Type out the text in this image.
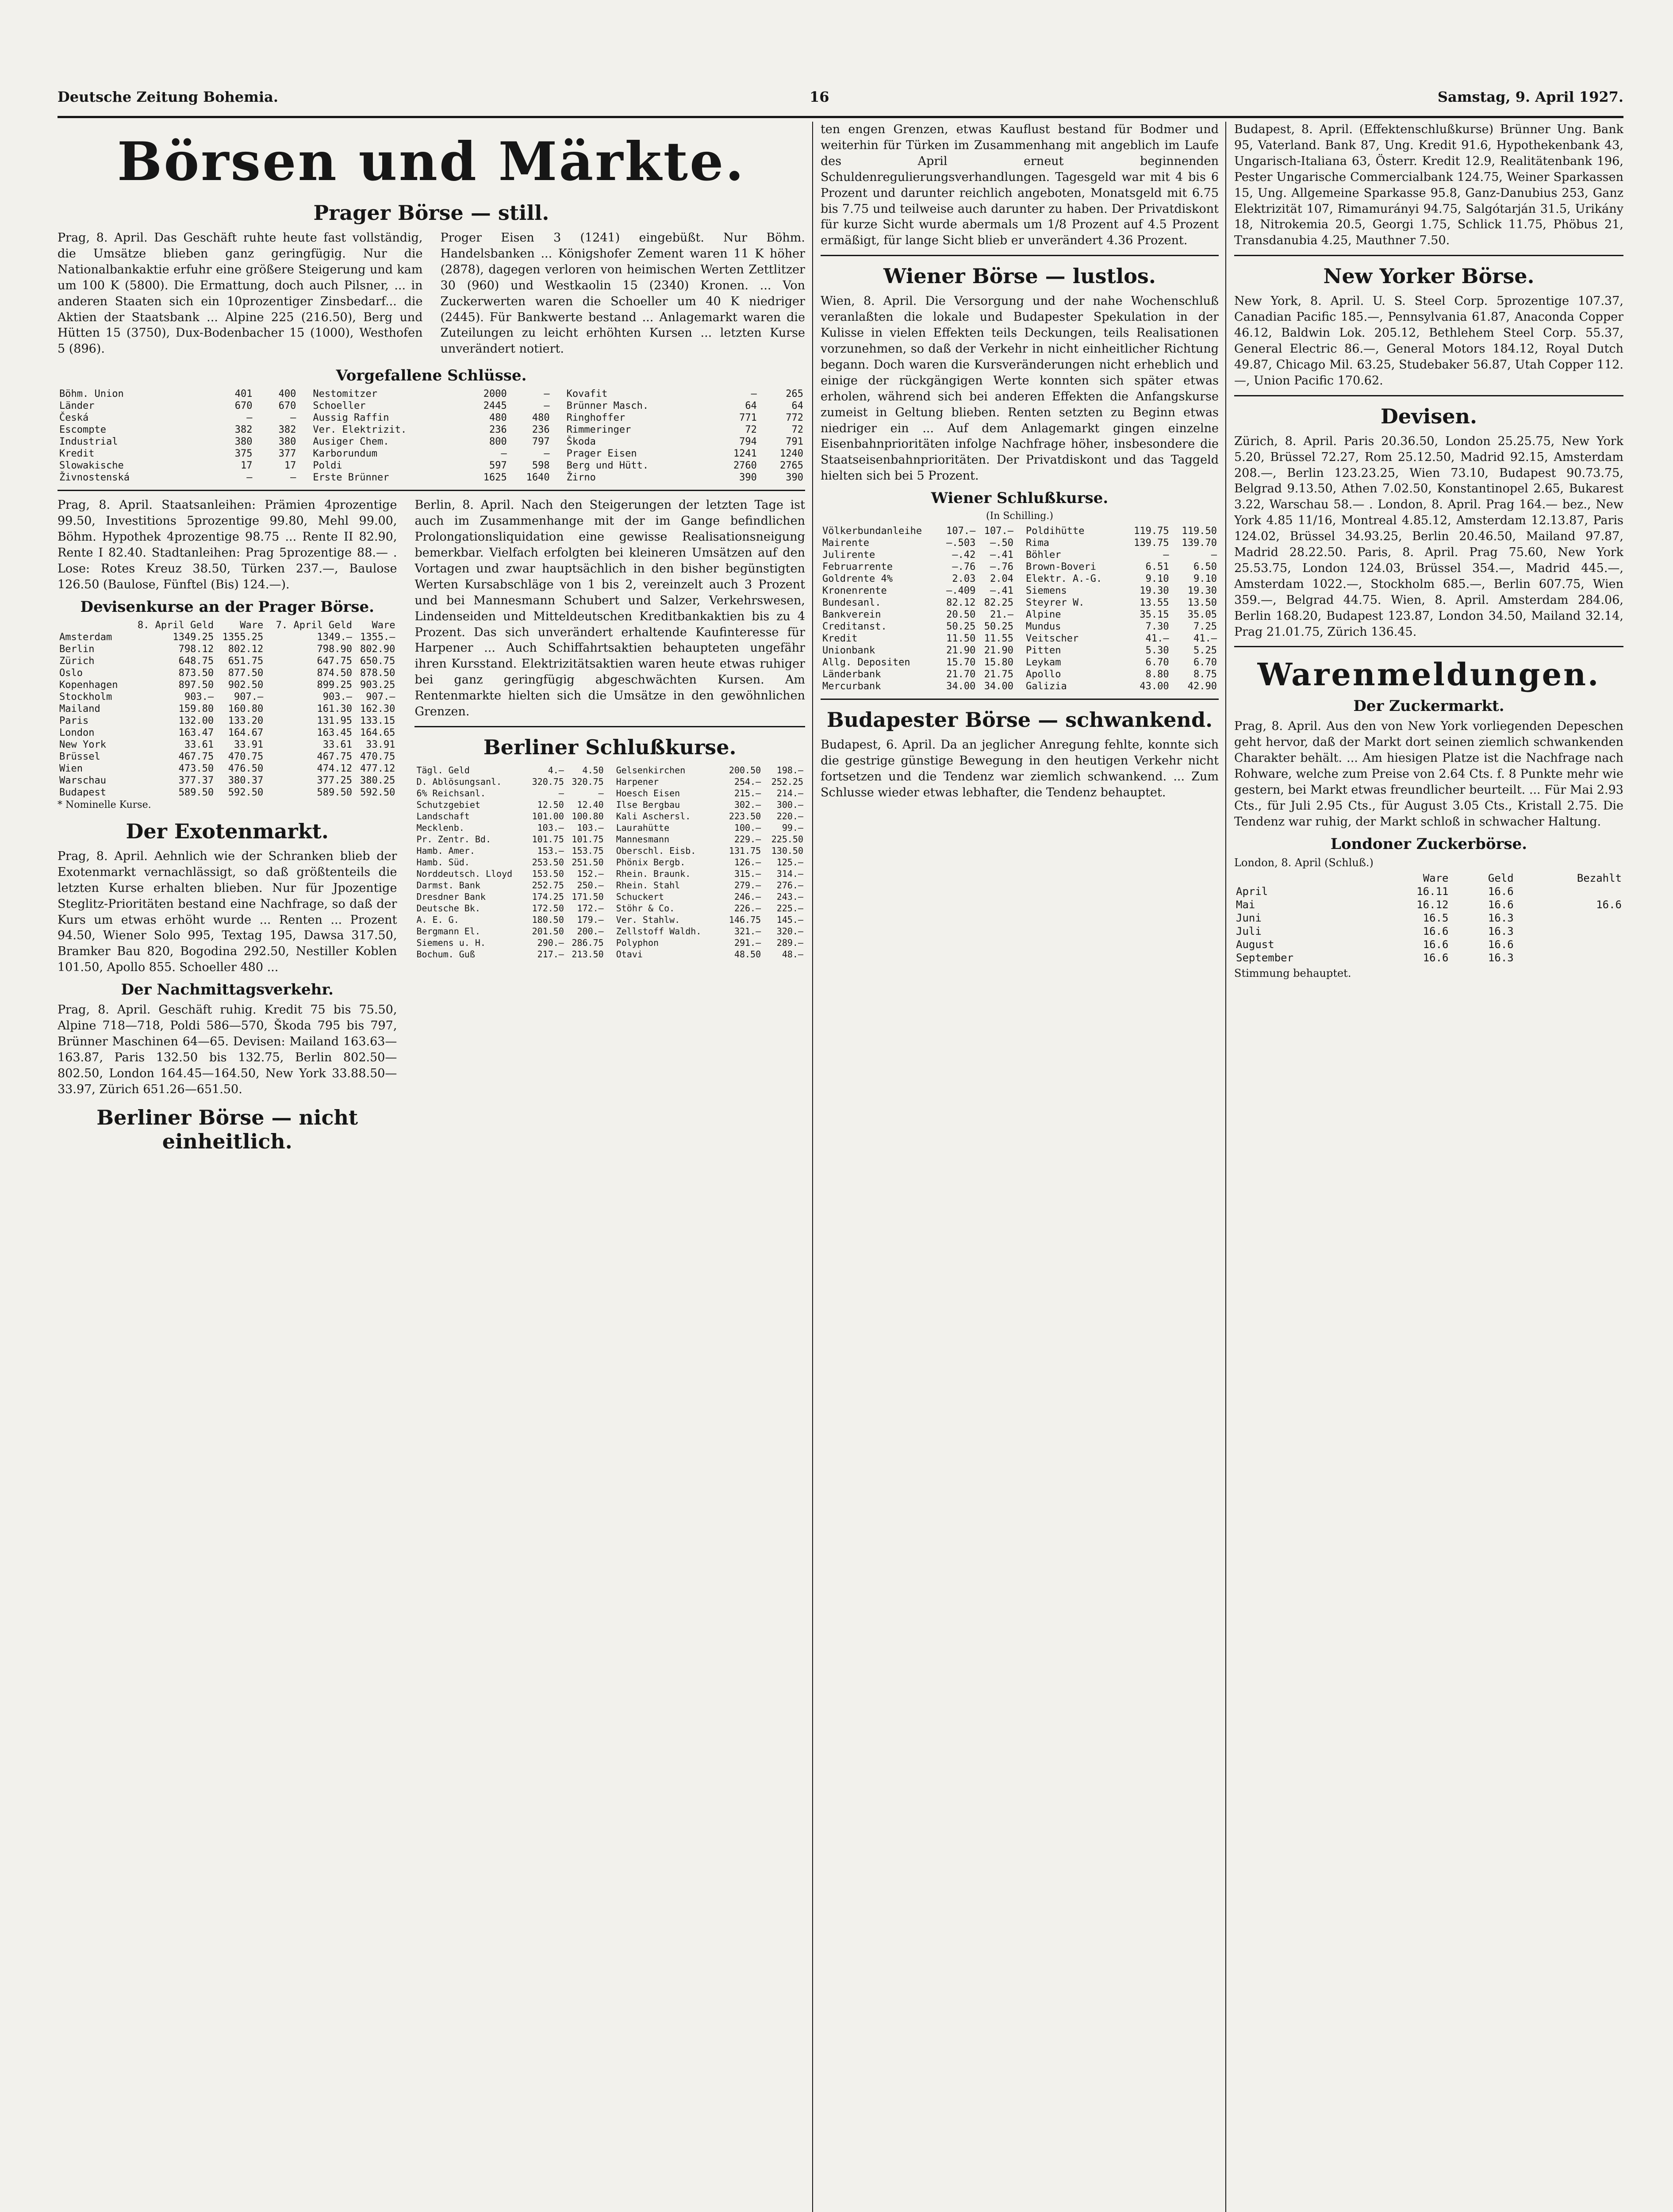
Deutsche Zeitung Bohemia.	16	Samstag, 9. April 1927.
Börsen und Märkte.
Prager Börse — still.

Prag, 8. April. Das Geschäft ruhte heute fast vollständig, die Umsätze blieben ganz geringfügig. Nur die Nationalbankaktie erfuhr eine größere Steigerung und kam um 100 K (5800). Die Ermattung, doch auch Pilsner, ... in anderen Staaten sich ein 10prozentiger Zinsbedarf... die Aktien der Staatsbank ... Alpine 225 (216.50), Berg und Hütten 15 (3750), Dux-Bodenbacher 15 (1000), Westhofen 5 (896).

Proger Eisen 3 (1241) eingebüßt. Nur Böhm. Handelsbanken ... Königshofer Zement waren 11 K höher (2878), dagegen verloren von heimischen Werten Zettlitzer 30 (960) und Westkaolin 15 (2340) Kronen. ... Von Zuckerwerten waren die Schoeller um 40 K niedriger (2445). Für Bankwerte bestand ... Anlagemarkt waren die Zuteilungen zu leicht erhöhten Kursen ... letzten Kurse unverändert notiert.

Vorgefallene Schlüsse.
Böhm. Union	401	400
Länder	670	670
Česká	—	—
Escompte	382	382
Industrial	380	380
Kredit	375	377
Slowakische	17	17
Živnostenská	—	—
Nestomitzer	2000	—
Schoeller	2445	—
Aussig Raffin	480	480
Ver. Elektrizit.	236	236
Ausiger Chem.	800	797
Karborundum	—	—
Poldi	597	598
Erste Brünner	1625	1640
Kovafit	—	265
Brünner Masch.	64	64
Ringhoffer	771	772
Rimmeringer	72	72
Škoda	794	791
Prager Eisen	1241	1240
Berg und Hütt.	2760	2765
Žirno	390	390

Prag, 8. April. Staatsanleihen: Prämien 4prozentige 99.50, Investitions 5prozentige 99.80, Mehl 99.00, Böhm. Hypothek 4prozentige 98.75 ... Rente II 82.90, Rente I 82.40. Stadtanleihen: Prag 5prozentige 88.— . Lose: Rotes Kreuz 38.50, Türken 237.—, Baulose 126.50 (Baulose, Fünftel (Bis) 124.—).

Devisenkurse an der Prager Börse.
	8. April Geld	Ware	7. April Geld	Ware
Amsterdam	1349.25	1355.25	1349.—	1355.—
Berlin	798.12	802.12	798.90	802.90
Zürich	648.75	651.75	647.75	650.75
Oslo	873.50	877.50	874.50	878.50
Kopenhagen	897.50	902.50	899.25	903.25
Stockholm	903.—	907.—	903.—	907.—
Mailand	159.80	160.80	161.30	162.30
Paris	132.00	133.20	131.95	133.15
London	163.47	164.67	163.45	164.65
New York	33.61	33.91	33.61	33.91
Brüssel	467.75	470.75	467.75	470.75
Wien	473.50	476.50	474.12	477.12
Warschau	377.37	380.37	377.25	380.25
Budapest	589.50	592.50	589.50	592.50

* Nominelle Kurse.

Der Exotenmarkt.

Prag, 8. April. Aehnlich wie der Schranken blieb der Exotenmarkt vernachlässigt, so daß größtenteils die letzten Kurse erhalten blieben. Nur für Jpozentige Steglitz-Prioritäten bestand eine Nachfrage, so daß der Kurs um etwas erhöht wurde ... Renten ... Prozent 94.50, Wiener Solo 995, Textag 195, Dawsa 317.50, Bramker Bau 820, Bogodina 292.50, Nestiller Koblen 101.50, Apollo 855. Schoeller 480 ...

Der Nachmittagsverkehr.

Prag, 8. April. Geschäft ruhig. Kredit 75 bis 75.50, Alpine 718—718, Poldi 586—570, Škoda 795 bis 797, Brünner Maschinen 64—65. Devisen: Mailand 163.63—163.87, Paris 132.50 bis 132.75, Berlin 802.50—802.50, London 164.45—164.50, New York 33.88.50—33.97, Zürich 651.26—651.50.

Berliner Börse — nicht einheitlich.

Berlin, 8. April. Nach den Steigerungen der letzten Tage ist auch im Zusammenhange mit der im Gange befindlichen Prolongationsliquidation eine gewisse Realisationsneigung bemerkbar. Vielfach erfolgten bei kleineren Umsätzen auf den Vortagen und zwar hauptsächlich in den bisher begünstigten Werten Kursabschläge von 1 bis 2, vereinzelt auch 3 Prozent und bei Mannesmann Schubert und Salzer, Verkehrswesen, Lindenseiden und Mitteldeutschen Kreditbankaktien bis zu 4 Prozent. Das sich unverändert erhaltende Kaufinteresse für Harpener ... Auch Schiffahrtsaktien behaupteten ungefähr ihren Kursstand. Elektrizitätsaktien waren heute etwas ruhiger bei ganz geringfügig abgeschwächten Kursen. Am Rentenmarkte hielten sich die Umsätze in den gewöhnlichen Grenzen.

Berliner Schlußkurse.
Tägl. Geld	4.—	4.50
D. Ablösungsanl.	320.75	320.75
6% Reichsanl.	—	—
Schutzgebiet	12.50	12.40
Landschaft	101.00	100.80
Mecklenb.	103.—	103.—
Pr. Zentr. Bd.	101.75	101.75
Hamb. Amer.	153.—	153.75
Hamb. Süd.	253.50	251.50
Norddeutsch. Lloyd	153.50	152.—
Darmst. Bank	252.75	250.—
Dresdner Bank	174.25	171.50
Deutsche Bk.	172.50	172.—
A. E. G.	180.50	179.—
Bergmann El.	201.50	200.—
Siemens u. H.	290.—	286.75
Bochum. Guß	217.—	213.50
Gelsenkirchen	200.50	198.—
Harpener	254.—	252.25
Hoesch Eisen	215.—	214.—
Ilse Bergbau	302.—	300.—
Kali Aschersl.	223.50	220.—
Laurahütte	100.—	99.—
Mannesmann	229.—	225.50
Oberschl. Eisb.	131.75	130.50
Phönix Bergb.	126.—	125.—
Rhein. Braunk.	315.—	314.—
Rhein. Stahl	279.—	276.—
Schuckert	246.—	243.—
Stöhr & Co.	226.—	225.—
Ver. Stahlw.	146.75	145.—
Zellstoff Waldh.	321.—	320.—
Polyphon	291.—	289.—
Otavi	48.50	48.—

ten engen Grenzen, etwas Kauflust bestand für Bodmer und weiterhin für Türken im Zusammenhang mit angeblich im Laufe des April erneut beginnenden Schuldenregulierungsverhandlungen. Tagesgeld war mit 4 bis 6 Prozent und darunter reichlich angeboten, Monatsgeld mit 6.75 bis 7.75 und teilweise auch darunter zu haben. Der Privatdiskont für kurze Sicht wurde abermals um 1/8 Prozent auf 4.5 Prozent ermäßigt, für lange Sicht blieb er unverändert 4.36 Prozent.

Wiener Börse — lustlos.

Wien, 8. April. Die Versorgung und der nahe Wochenschluß veranlaßten die lokale und Budapester Spekulation in der Kulisse in vielen Effekten teils Deckungen, teils Realisationen vorzunehmen, so daß der Verkehr in nicht einheitlicher Richtung begann. Doch waren die Kursveränderungen nicht erheblich und einige der rückgängigen Werte konnten sich später etwas erholen, während sich bei anderen Effekten die Anfangskurse zumeist in Geltung blieben. Renten setzten zu Beginn etwas niedriger ein ... Auf dem Anlagemarkt gingen einzelne Eisenbahnprioritäten infolge Nachfrage höher, insbesondere die Staatseisenbahnprioritäten. Der Privatdiskont und das Taggeld hielten sich bei 5 Prozent.

Wiener Schlußkurse.
(In Schilling.)
Völkerbundanleihe	107.—	107.—
Mairente	—.503	—.50
Julirente	—.42	—.41
Februarrente	—.76	—.76
Goldrente 4%	2.03	2.04
Kronenrente	—.409	—.41
Bundesanl.	82.12	82.25
Bankverein	20.50	21.—
Creditanst.	50.25	50.25
Kredit	11.50	11.55
Unionbank	21.90	21.90
Allg. Depositen	15.70	15.80
Länderbank	21.70	21.75
Mercurbank	34.00	34.00
Poldihütte	119.75	119.50
Rima	139.75	139.70
Böhler	—	—
Brown-Boveri	6.51	6.50
Elektr. A.-G.	9.10	9.10
Siemens	19.30	19.30
Steyrer W.	13.55	13.50
Alpine	35.15	35.05
Mundus	7.30	7.25
Veitscher	41.—	41.—
Pitten	5.30	5.25
Leykam	6.70	6.70
Apollo	8.80	8.75
Galizia	43.00	42.90
Budapester Börse — schwankend.

Budapest, 6. April. Da an jeglicher Anregung fehlte, konnte sich die gestrige günstige Bewegung in den heutigen Verkehr nicht fortsetzen und die Tendenz war ziemlich schwankend. ... Zum Schlusse wieder etwas lebhafter, die Tendenz behauptet.

Budapest, 8. April. (Effektenschlußkurse) Brünner Ung. Bank 95, Vaterland. Bank 87, Ung. Kredit 91.6, Hypothekenbank 43, Ungarisch-Italiana 63, Österr. Kredit 12.9, Realitätenbank 196, Pester Ungarische Commercialbank 124.75, Weiner Sparkassen 15, Ung. Allgemeine Sparkasse 95.8, Ganz-Danubius 253, Ganz Elektrizität 107, Rimamurányi 94.75, Salgótarján 31.5, Urikány 18, Nitrokemia 20.5, Georgi 1.75, Schlick 11.75, Phöbus 21, Transdanubia 4.25, Mauthner 7.50.

New Yorker Börse.

New York, 8. April. U. S. Steel Corp. 5prozentige 107.37, Canadian Pacific 185.—, Pennsylvania 61.87, Anaconda Copper 46.12, Baldwin Lok. 205.12, Bethlehem Steel Corp. 55.37, General Electric 86.—, General Motors 184.12, Royal Dutch 49.87, Chicago Mil. 63.25, Studebaker 56.87, Utah Copper 112.—, Union Pacific 170.62.

Devisen.

Zürich, 8. April. Paris 20.36.50, London 25.25.75, New York 5.20, Brüssel 72.27, Rom 25.12.50, Madrid 92.15, Amsterdam 208.—, Berlin 123.23.25, Wien 73.10, Budapest 90.73.75, Belgrad 9.13.50, Athen 7.02.50, Konstantinopel 2.65, Bukarest 3.22, Warschau 58.— . London, 8. April. Prag 164.— bez., New York 4.85 11/16, Montreal 4.85.12, Amsterdam 12.13.87, Paris 124.02, Brüssel 34.93.25, Berlin 20.46.50, Mailand 97.87, Madrid 28.22.50. Paris, 8. April. Prag 75.60, New York 25.53.75, London 124.03, Brüssel 354.—, Madrid 445.—, Amsterdam 1022.—, Stockholm 685.—, Berlin 607.75, Wien 359.—, Belgrad 44.75. Wien, 8. April. Amsterdam 284.06, Berlin 168.20, Budapest 123.87, London 34.50, Mailand 32.14, Prag 21.01.75, Zürich 136.45.

Warenmeldungen.
Der Zuckermarkt.

Prag, 8. April. Aus den von New York vorliegenden Depeschen geht hervor, daß der Markt dort seinen ziemlich schwankenden Charakter behält. ... Am hiesigen Platze ist die Nachfrage nach Rohware, welche zum Preise von 2.64 Cts. f. 8 Punkte mehr wie gestern, bei Markt etwas freundlicher beurteilt. ... Für Mai 2.93 Cts., für Juli 2.95 Cts., für August 3.05 Cts., Kristall 2.75. Die Tendenz war ruhig, der Markt schloß in schwacher Haltung.

Londoner Zuckerbörse.
London, 8. April (Schluß.)
	Ware	Geld	Bezahlt
April	16.11	16.6	
Mai	16.12	16.6	16.6
Juni	16.5	16.3	
Juli	16.6	16.3	
August	16.6	16.6	
September	16.6	16.3	
Stimmung behauptet.
